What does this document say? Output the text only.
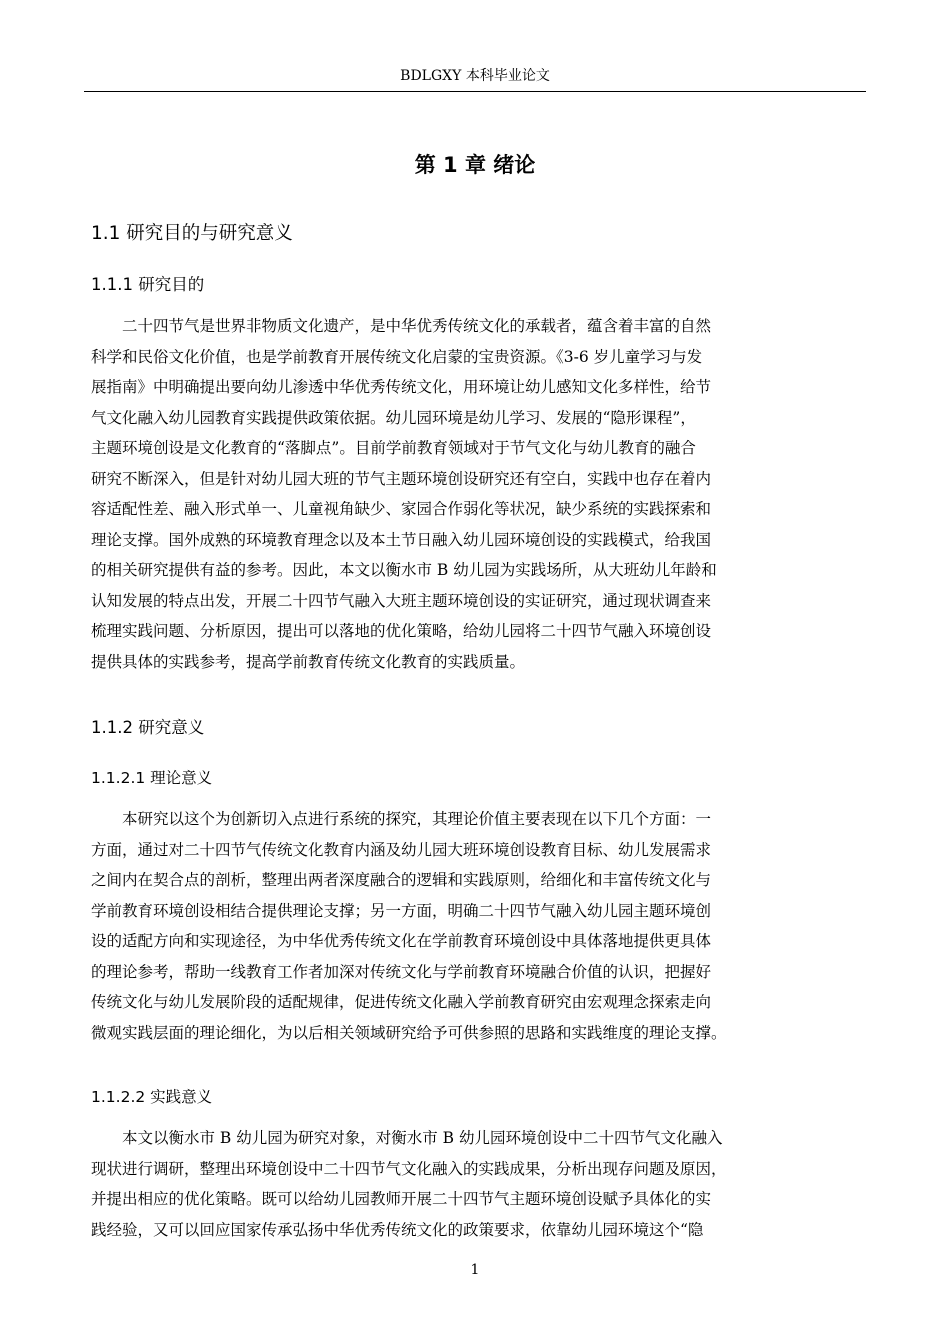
BDLGXY 本科毕业论文
第 1 章 绪论
1.1 研究目的与研究意义
1.1.1 研究目的
　　二十四节气是世界非物质文化遗产，是中华优秀传统文化的承载者，蕴含着丰富的自然
科学和民俗文化价值，也是学前教育开展传统文化启蒙的宝贵资源。《3-6 岁儿童学习与发
展指南》中明确提出要向幼儿渗透中华优秀传统文化，用环境让幼儿感知文化多样性，给节
气文化融入幼儿园教育实践提供政策依据。幼儿园环境是幼儿学习、发展的“隐形课程”，
主题环境创设是文化教育的“落脚点”。目前学前教育领域对于节气文化与幼儿教育的融合
研究不断深入，但是针对幼儿园大班的节气主题环境创设研究还有空白，实践中也存在着内
容适配性差、融入形式单一、儿童视角缺少、家园合作弱化等状况，缺少系统的实践探索和
理论支撑。国外成熟的环境教育理念以及本土节日融入幼儿园环境创设的实践模式，给我国
的相关研究提供有益的参考。因此，本文以衡水市 B 幼儿园为实践场所，从大班幼儿年龄和
认知发展的特点出发，开展二十四节气融入大班主题环境创设的实证研究，通过现状调查来
梳理实践问题、分析原因，提出可以落地的优化策略，给幼儿园将二十四节气融入环境创设
提供具体的实践参考，提高学前教育传统文化教育的实践质量。
1.1.2 研究意义
1.1.2.1 理论意义
　　本研究以这个为创新切入点进行系统的探究，其理论价值主要表现在以下几个方面：一
方面，通过对二十四节气传统文化教育内涵及幼儿园大班环境创设教育目标、幼儿发展需求
之间内在契合点的剖析，整理出两者深度融合的逻辑和实践原则，给细化和丰富传统文化与
学前教育环境创设相结合提供理论支撑；另一方面，明确二十四节气融入幼儿园主题环境创
设的适配方向和实现途径，为中华优秀传统文化在学前教育环境创设中具体落地提供更具体
的理论参考，帮助一线教育工作者加深对传统文化与学前教育环境融合价值的认识，把握好
传统文化与幼儿发展阶段的适配规律，促进传统文化融入学前教育研究由宏观理念探索走向
微观实践层面的理论细化，为以后相关领域研究给予可供参照的思路和实践维度的理论支撑。
1.1.2.2 实践意义
　　本文以衡水市 B 幼儿园为研究对象，对衡水市 B 幼儿园环境创设中二十四节气文化融入
现状进行调研，整理出环境创设中二十四节气文化融入的实践成果，分析出现存问题及原因，
并提出相应的优化策略。既可以给幼儿园教师开展二十四节气主题环境创设赋予具体化的实
践经验，又可以回应国家传承弘扬中华优秀传统文化的政策要求，依靠幼儿园环境这个“隐
1
